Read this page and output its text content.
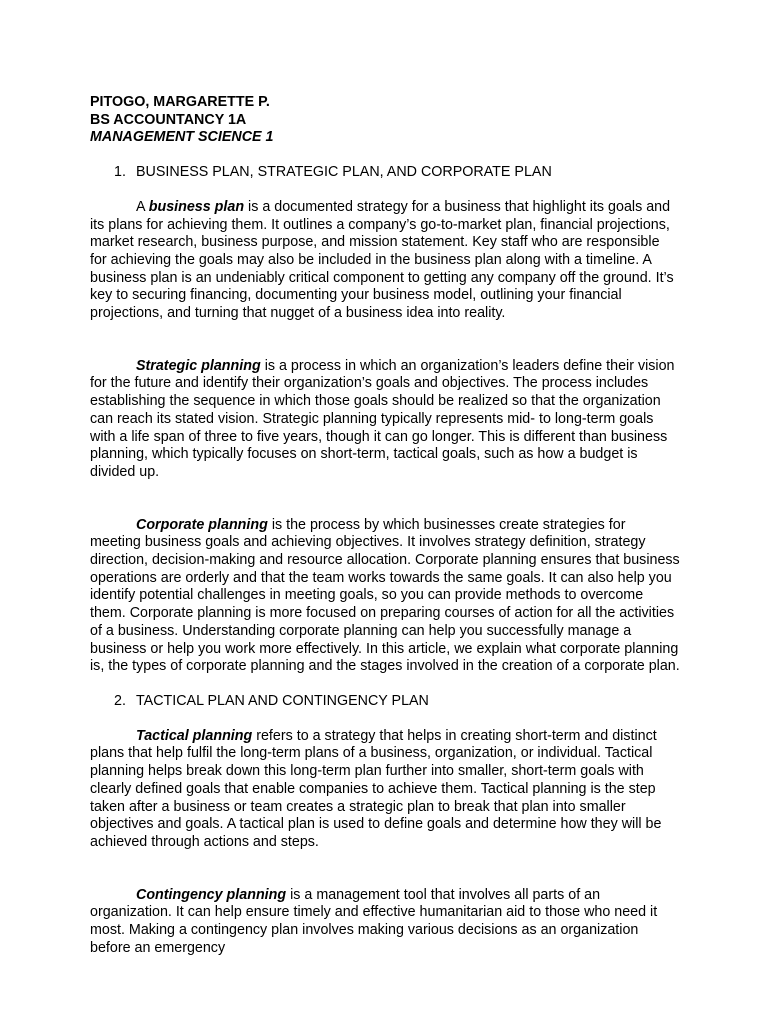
PITOGO, MARGARETTE P.

BS ACCOUNTANCY 1A

MANAGEMENT SCIENCE 1

1. BUSINESS PLAN, STRATEGIC PLAN, AND CORPORATE PLAN

A business plan is a documented strategy for a business that highlight its goals and its plans for achieving them. It outlines a company’s go-to-market plan, financial projections, market research, business purpose, and mission statement. Key staff who are responsible for achieving the goals may also be included in the business plan along with a timeline. A business plan is an undeniably critical component to getting any company off the ground. It’s key to securing financing, documenting your business model, outlining your financial projections, and turning that nugget of a business idea into reality.

Strategic planning is a process in which an organization’s leaders define their vision for the future and identify their organization’s goals and objectives. The process includes establishing the sequence in which those goals should be realized so that the organization can reach its stated vision. Strategic planning typically represents mid- to long-term goals with a life span of three to five years, though it can go longer. This is different than business planning, which typically focuses on short-term, tactical goals, such as how a budget is divided up.

Corporate planning is the process by which businesses create strategies for meeting business goals and achieving objectives. It involves strategy definition, strategy direction, decision-making and resource allocation. Corporate planning ensures that business operations are orderly and that the team works towards the same goals. It can also help you identify potential challenges in meeting goals, so you can provide methods to overcome them. Corporate planning is more focused on preparing courses of action for all the activities of a business. Understanding corporate planning can help you successfully manage a business or help you work more effectively. In this article, we explain what corporate planning is, the types of corporate planning and the stages involved in the creation of a corporate plan.

2. TACTICAL PLAN AND CONTINGENCY PLAN

Tactical planning refers to a strategy that helps in creating short-term and distinct plans that help fulfil the long-term plans of a business, organization, or individual. Tactical planning helps break down this long-term plan further into smaller, short-term goals with clearly defined goals that enable companies to achieve them. Tactical planning is the step taken after a business or team creates a strategic plan to break that plan into smaller objectives and goals. A tactical plan is used to define goals and determine how they will be achieved through actions and steps.

Contingency planning is a management tool that involves all parts of an organization. It can help ensure timely and effective humanitarian aid to those who need it most. Making a contingency plan involves making various decisions as an organization before an emergency
